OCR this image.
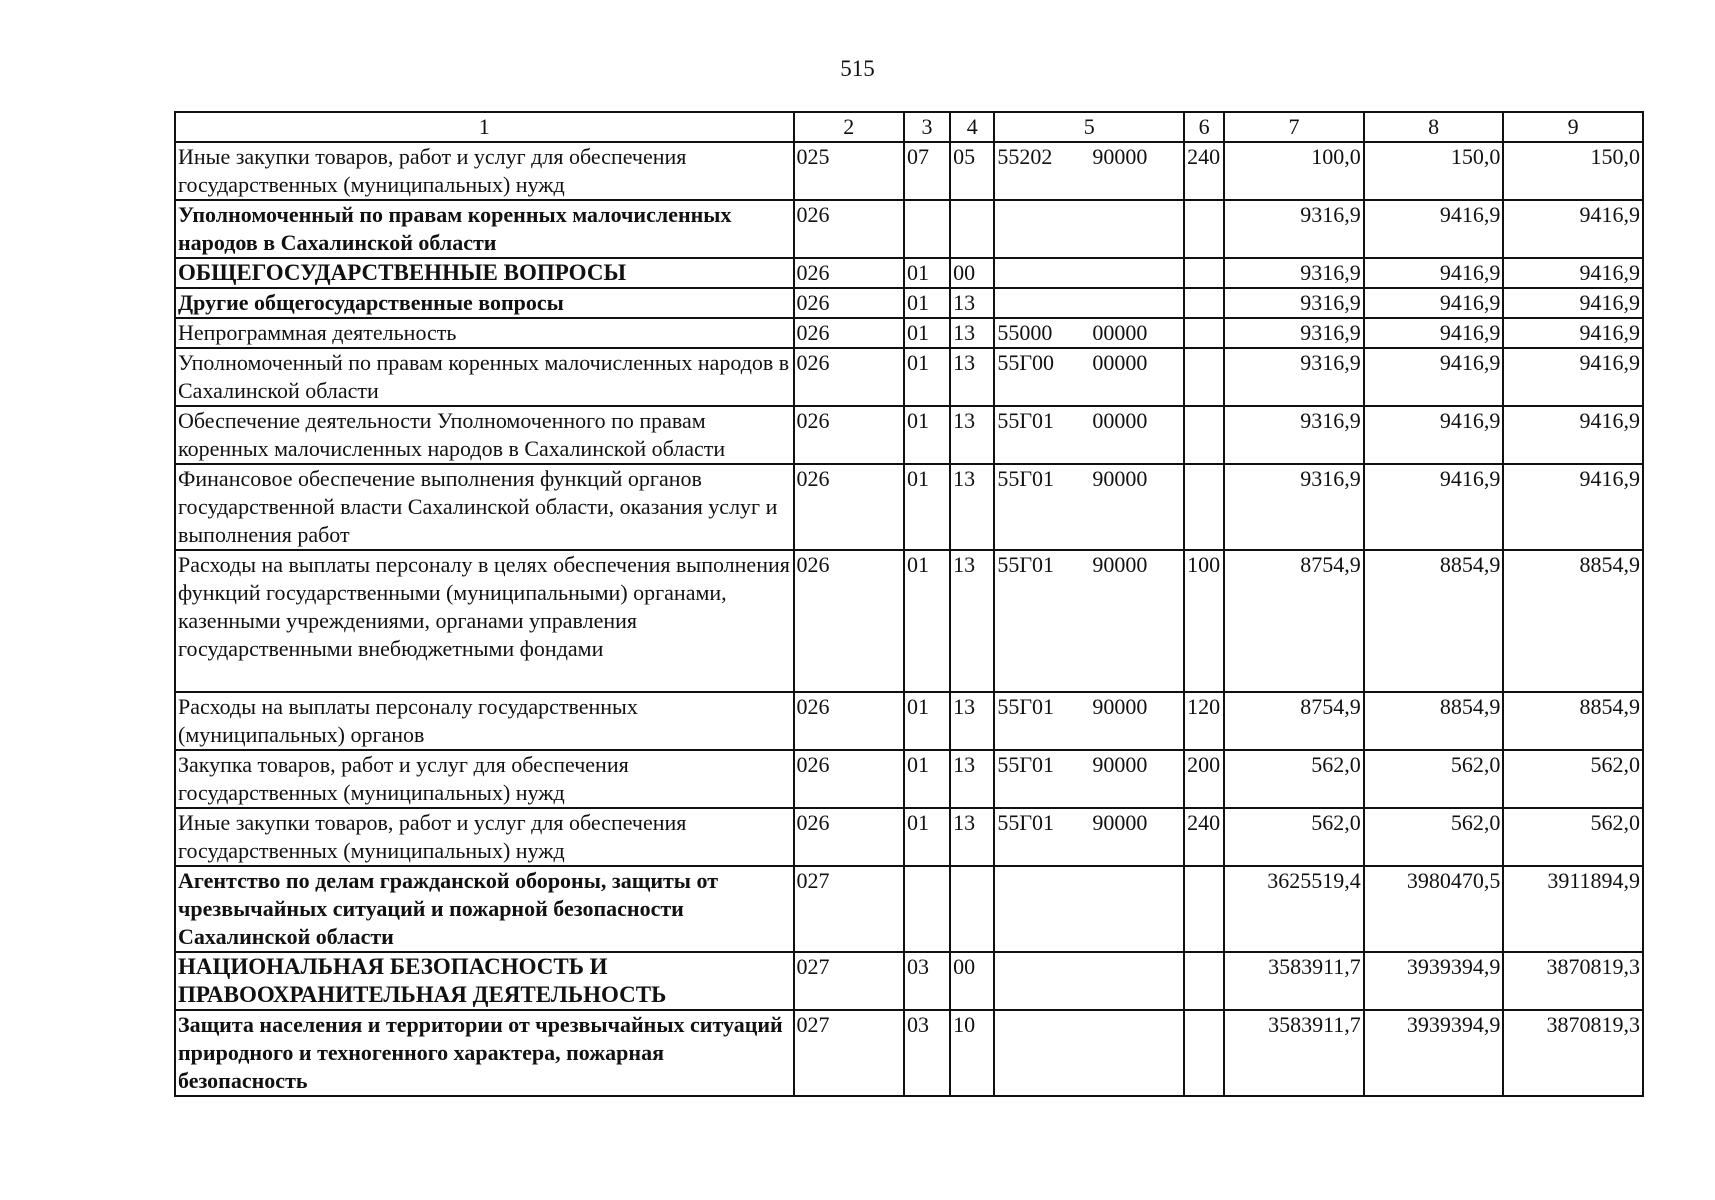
515
1	2	3	4	5	6	7	8	9
Иные закупки товаров, работ и услуг для обеспечения государственных (муниципальных) нужд	025	07	05	55202 90000	240	100,0	150,0	150,0
Уполномоченный по правам коренных малочисленных народов в Сахалинской области	026					9316,9	9416,9	9416,9
ОБЩЕГОСУДАРСТВЕННЫЕ ВОПРОСЫ	026	01	00			9316,9	9416,9	9416,9
Другие общегосударственные вопросы	026	01	13			9316,9	9416,9	9416,9
Непрограммная деятельность	026	01	13	55000 00000		9316,9	9416,9	9416,9
Уполномоченный по правам коренных малочисленных народов в Сахалинской области	026	01	13	55Г00 00000		9316,9	9416,9	9416,9
Обеспечение деятельности Уполномоченного по правам коренных малочисленных народов в Сахалинской области	026	01	13	55Г01 00000		9316,9	9416,9	9416,9
Финансовое обеспечение выполнения функций органов государственной власти Сахалинской области, оказания услуг и выполнения работ	026	01	13	55Г01 90000		9316,9	9416,9	9416,9
Расходы на выплаты персоналу в целях обеспечения выполнения функций государственными (муниципальными) органами, казенными учреждениями, органами управления государственными внебюджетными фондами	026	01	13	55Г01 90000	100	8754,9	8854,9	8854,9
Расходы на выплаты персоналу государственных (муниципальных) органов	026	01	13	55Г01 90000	120	8754,9	8854,9	8854,9
Закупка товаров, работ и услуг для обеспечения государственных (муниципальных) нужд	026	01	13	55Г01 90000	200	562,0	562,0	562,0
Иные закупки товаров, работ и услуг для обеспечения государственных (муниципальных) нужд	026	01	13	55Г01 90000	240	562,0	562,0	562,0
Агентство по делам гражданской обороны, защиты от чрезвычайных ситуаций и пожарной безопасности Сахалинской области	027					3625519,4	3980470,5	3911894,9
НАЦИОНАЛЬНАЯ БЕЗОПАСНОСТЬ И ПРАВООХРАНИТЕЛЬНАЯ ДЕЯТЕЛЬНОСТЬ	027	03	00			3583911,7	3939394,9	3870819,3
Защита населения и территории от чрезвычайных ситуаций природного и техногенного характера, пожарная безопасность	027	03	10			3583911,7	3939394,9	3870819,3
